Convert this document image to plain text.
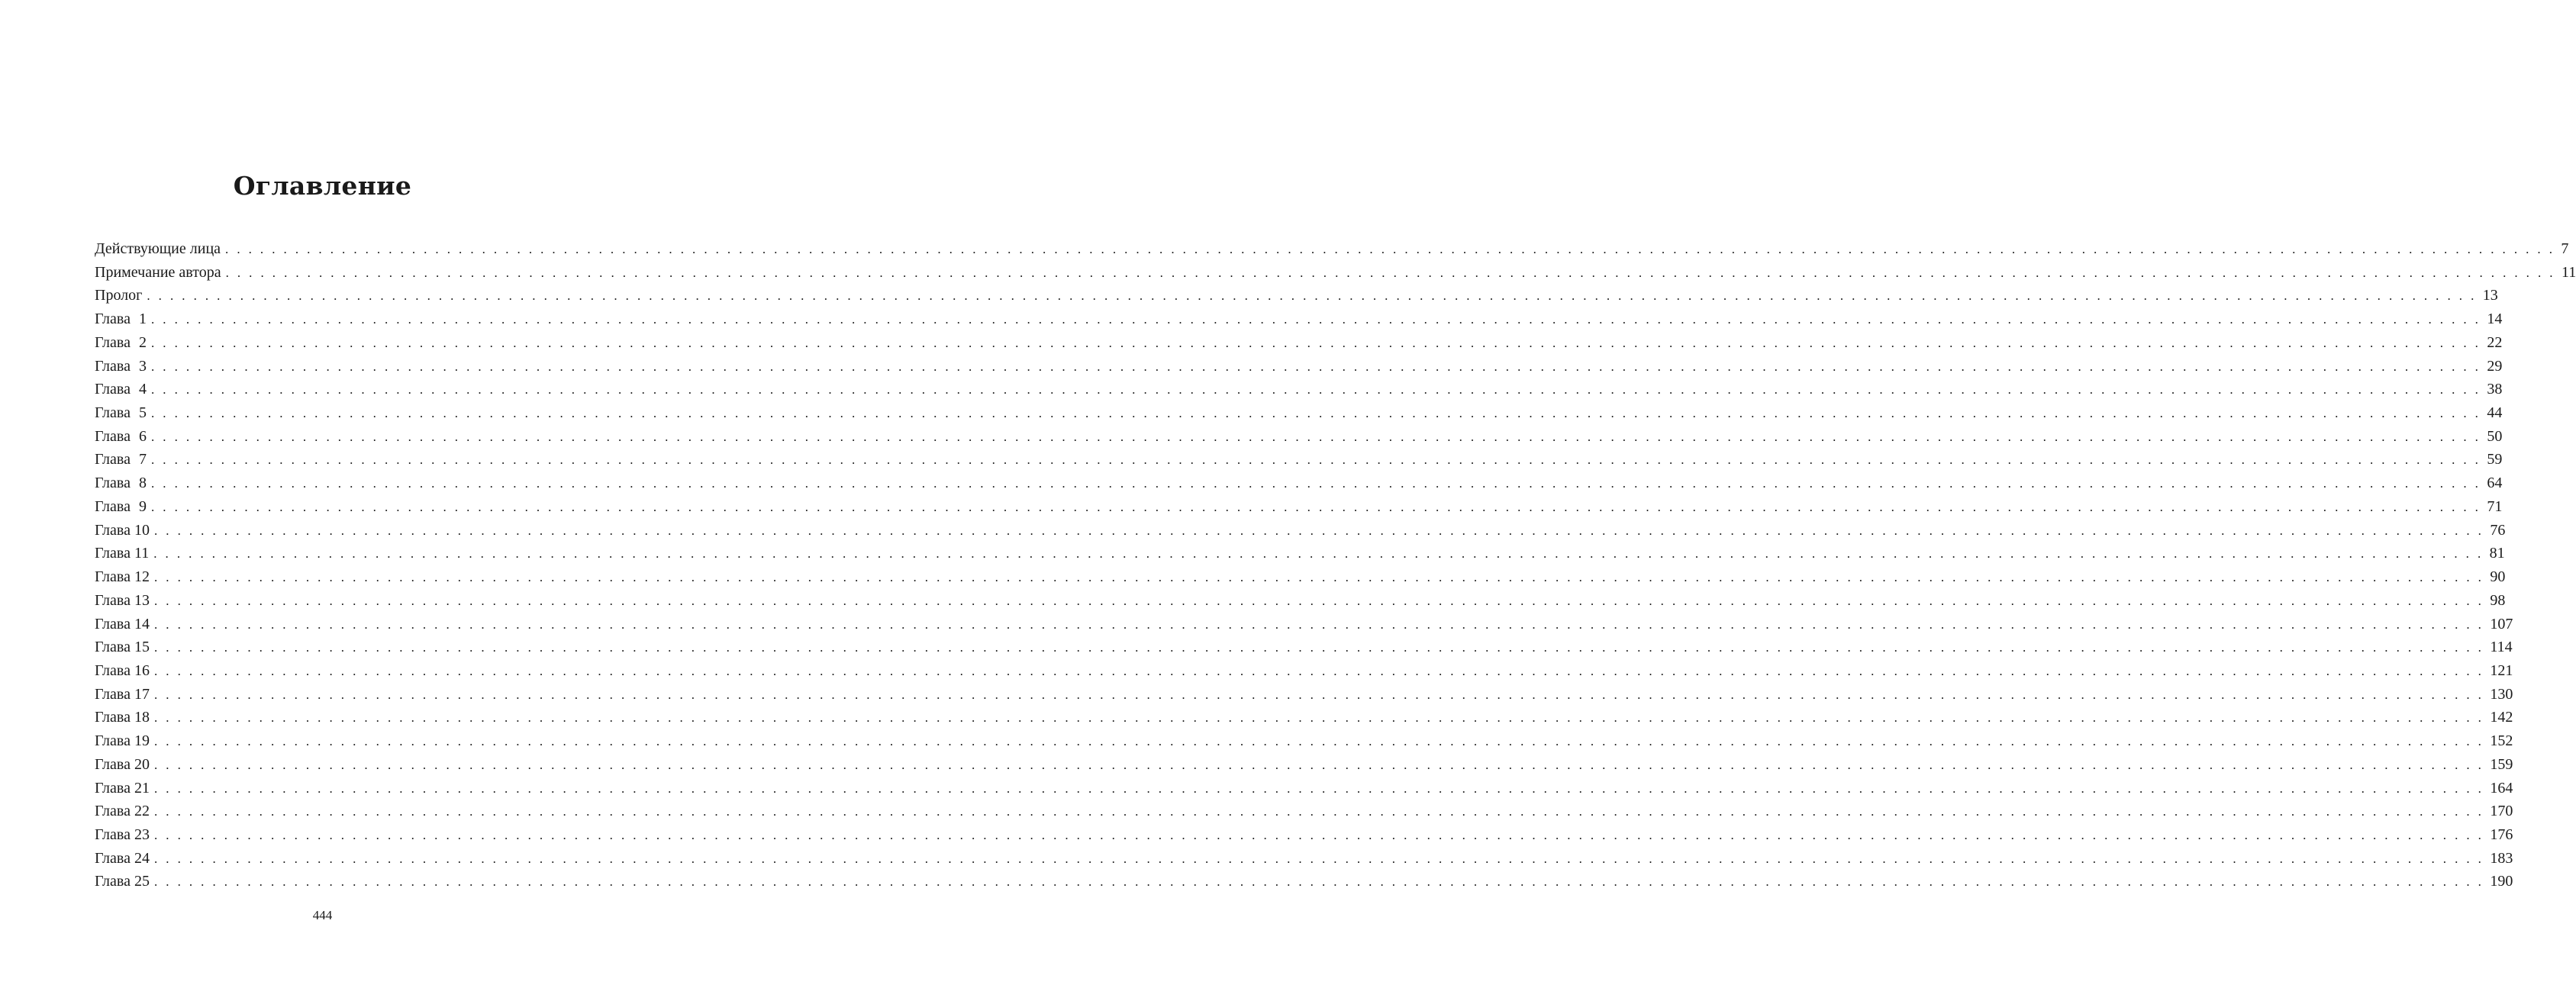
Оглавление
Действующие лица . . . . . . . . . . . . . . . . . . . . . . . . . . . . . . . . . . . . . . . . . . . . . . . . . . . . . . . . . . . . . . . . . . . . . . . . . . . . . . . . . . . . . . . . . . . . . . . . . . . . . . . . . . . . . . . . . . . . . . . . . . . . . . . . . . . . . . . . . . . . . . . . . . . . . . . . . . . . . . . . . . . . . . . . . . . . . . . . . . . . . . . . . . . . . . . . . . . . . . . . 7
Примечание автора . . . . . . . . . . . . . . . . . . . . . . . . . . . . . . . . . . . . . . . . . . . . . . . . . . . . . . . . . . . . . . . . . . . . . . . . . . . . . . . . . . . . . . . . . . . . . . . . . . . . . . . . . . . . . . . . . . . . . . . . . . . . . . . . . . . . . . . . . . . . . . . . . . . . . . . . . . . . . . . . . . . . . . . . . . . . . . . . . . . . . . . . . . . . . . . . . . . . . . . . 11
Пролог . . . . . . . . . . . . . . . . . . . . . . . . . . . . . . . . . . . . . . . . . . . . . . . . . . . . . . . . . . . . . . . . . . . . . . . . . . . . . . . . . . . . . . . . . . . . . . . . . . . . . . . . . . . . . . . . . . . . . . . . . . . . . . . . . . . . . . . . . . . . . . . . . . . . . . . . . . . . . . . . . . . . . . . . . . . . . . . . . . . . . . . . . . . . . . . . . . . . . . . . 13
Глава 1 . . . . . . . . . . . . . . . . . . . . . . . . . . . . . . . . . . . . . . . . . . . . . . . . . . . . . . . . . . . . . . . . . . . . . . . . . . . . . . . . . . . . . . . . . . . . . . . . . . . . . . . . . . . . . . . . . . . . . . . . . . . . . . . . . . . . . . . . . . . . . . . . . . . . . . . . . . . . . . . . . . . . . . . . . . . . . . . . . . . . . . . . . . . . . . . . . . . . . . . . 14
Глава 2 . . . . . . . . . . . . . . . . . . . . . . . . . . . . . . . . . . . . . . . . . . . . . . . . . . . . . . . . . . . . . . . . . . . . . . . . . . . . . . . . . . . . . . . . . . . . . . . . . . . . . . . . . . . . . . . . . . . . . . . . . . . . . . . . . . . . . . . . . . . . . . . . . . . . . . . . . . . . . . . . . . . . . . . . . . . . . . . . . . . . . . . . . . . . . . . . . . . . . . . . 22
Глава 3 . . . . . . . . . . . . . . . . . . . . . . . . . . . . . . . . . . . . . . . . . . . . . . . . . . . . . . . . . . . . . . . . . . . . . . . . . . . . . . . . . . . . . . . . . . . . . . . . . . . . . . . . . . . . . . . . . . . . . . . . . . . . . . . . . . . . . . . . . . . . . . . . . . . . . . . . . . . . . . . . . . . . . . . . . . . . . . . . . . . . . . . . . . . . . . . . . . . . . . . . 29
Глава 4 . . . . . . . . . . . . . . . . . . . . . . . . . . . . . . . . . . . . . . . . . . . . . . . . . . . . . . . . . . . . . . . . . . . . . . . . . . . . . . . . . . . . . . . . . . . . . . . . . . . . . . . . . . . . . . . . . . . . . . . . . . . . . . . . . . . . . . . . . . . . . . . . . . . . . . . . . . . . . . . . . . . . . . . . . . . . . . . . . . . . . . . . . . . . . . . . . . . . . . . . 38
Глава 5 . . . . . . . . . . . . . . . . . . . . . . . . . . . . . . . . . . . . . . . . . . . . . . . . . . . . . . . . . . . . . . . . . . . . . . . . . . . . . . . . . . . . . . . . . . . . . . . . . . . . . . . . . . . . . . . . . . . . . . . . . . . . . . . . . . . . . . . . . . . . . . . . . . . . . . . . . . . . . . . . . . . . . . . . . . . . . . . . . . . . . . . . . . . . . . . . . . . . . . . . 44
Глава 6 . . . . . . . . . . . . . . . . . . . . . . . . . . . . . . . . . . . . . . . . . . . . . . . . . . . . . . . . . . . . . . . . . . . . . . . . . . . . . . . . . . . . . . . . . . . . . . . . . . . . . . . . . . . . . . . . . . . . . . . . . . . . . . . . . . . . . . . . . . . . . . . . . . . . . . . . . . . . . . . . . . . . . . . . . . . . . . . . . . . . . . . . . . . . . . . . . . . . . . . . 50
Глава 7 . . . . . . . . . . . . . . . . . . . . . . . . . . . . . . . . . . . . . . . . . . . . . . . . . . . . . . . . . . . . . . . . . . . . . . . . . . . . . . . . . . . . . . . . . . . . . . . . . . . . . . . . . . . . . . . . . . . . . . . . . . . . . . . . . . . . . . . . . . . . . . . . . . . . . . . . . . . . . . . . . . . . . . . . . . . . . . . . . . . . . . . . . . . . . . . . . . . . . . . . 59
Глава 8 . . . . . . . . . . . . . . . . . . . . . . . . . . . . . . . . . . . . . . . . . . . . . . . . . . . . . . . . . . . . . . . . . . . . . . . . . . . . . . . . . . . . . . . . . . . . . . . . . . . . . . . . . . . . . . . . . . . . . . . . . . . . . . . . . . . . . . . . . . . . . . . . . . . . . . . . . . . . . . . . . . . . . . . . . . . . . . . . . . . . . . . . . . . . . . . . . . . . . . . . 64
Глава 9 . . . . . . . . . . . . . . . . . . . . . . . . . . . . . . . . . . . . . . . . . . . . . . . . . . . . . . . . . . . . . . . . . . . . . . . . . . . . . . . . . . . . . . . . . . . . . . . . . . . . . . . . . . . . . . . . . . . . . . . . . . . . . . . . . . . . . . . . . . . . . . . . . . . . . . . . . . . . . . . . . . . . . . . . . . . . . . . . . . . . . . . . . . . . . . . . . . . . . . . . 71
Глава 10 . . . . . . . . . . . . . . . . . . . . . . . . . . . . . . . . . . . . . . . . . . . . . . . . . . . . . . . . . . . . . . . . . . . . . . . . . . . . . . . . . . . . . . . . . . . . . . . . . . . . . . . . . . . . . . . . . . . . . . . . . . . . . . . . . . . . . . . . . . . . . . . . . . . . . . . . . . . . . . . . . . . . . . . . . . . . . . . . . . . . . . . . . . . . . . . . . . . . . . . . 76
Глава 11 . . . . . . . . . . . . . . . . . . . . . . . . . . . . . . . . . . . . . . . . . . . . . . . . . . . . . . . . . . . . . . . . . . . . . . . . . . . . . . . . . . . . . . . . . . . . . . . . . . . . . . . . . . . . . . . . . . . . . . . . . . . . . . . . . . . . . . . . . . . . . . . . . . . . . . . . . . . . . . . . . . . . . . . . . . . . . . . . . . . . . . . . . . . . . . . . . . . . . . . . 81
Глава 12 . . . . . . . . . . . . . . . . . . . . . . . . . . . . . . . . . . . . . . . . . . . . . . . . . . . . . . . . . . . . . . . . . . . . . . . . . . . . . . . . . . . . . . . . . . . . . . . . . . . . . . . . . . . . . . . . . . . . . . . . . . . . . . . . . . . . . . . . . . . . . . . . . . . . . . . . . . . . . . . . . . . . . . . . . . . . . . . . . . . . . . . . . . . . . . . . . . . . . . . . 90
Глава 13 . . . . . . . . . . . . . . . . . . . . . . . . . . . . . . . . . . . . . . . . . . . . . . . . . . . . . . . . . . . . . . . . . . . . . . . . . . . . . . . . . . . . . . . . . . . . . . . . . . . . . . . . . . . . . . . . . . . . . . . . . . . . . . . . . . . . . . . . . . . . . . . . . . . . . . . . . . . . . . . . . . . . . . . . . . . . . . . . . . . . . . . . . . . . . . . . . . . . . . . . 98
Глава 14 . . . . . . . . . . . . . . . . . . . . . . . . . . . . . . . . . . . . . . . . . . . . . . . . . . . . . . . . . . . . . . . . . . . . . . . . . . . . . . . . . . . . . . . . . . . . . . . . . . . . . . . . . . . . . . . . . . . . . . . . . . . . . . . . . . . . . . . . . . . . . . . . . . . . . . . . . . . . . . . . . . . . . . . . . . . . . . . . . . . . . . . . . . . . . . . . . . . . . . . . 107
Глава 15 . . . . . . . . . . . . . . . . . . . . . . . . . . . . . . . . . . . . . . . . . . . . . . . . . . . . . . . . . . . . . . . . . . . . . . . . . . . . . . . . . . . . . . . . . . . . . . . . . . . . . . . . . . . . . . . . . . . . . . . . . . . . . . . . . . . . . . . . . . . . . . . . . . . . . . . . . . . . . . . . . . . . . . . . . . . . . . . . . . . . . . . . . . . . . . . . . . . . . . . . 114
Глава 16 . . . . . . . . . . . . . . . . . . . . . . . . . . . . . . . . . . . . . . . . . . . . . . . . . . . . . . . . . . . . . . . . . . . . . . . . . . . . . . . . . . . . . . . . . . . . . . . . . . . . . . . . . . . . . . . . . . . . . . . . . . . . . . . . . . . . . . . . . . . . . . . . . . . . . . . . . . . . . . . . . . . . . . . . . . . . . . . . . . . . . . . . . . . . . . . . . . . . . . . . 121
Глава 17 . . . . . . . . . . . . . . . . . . . . . . . . . . . . . . . . . . . . . . . . . . . . . . . . . . . . . . . . . . . . . . . . . . . . . . . . . . . . . . . . . . . . . . . . . . . . . . . . . . . . . . . . . . . . . . . . . . . . . . . . . . . . . . . . . . . . . . . . . . . . . . . . . . . . . . . . . . . . . . . . . . . . . . . . . . . . . . . . . . . . . . . . . . . . . . . . . . . . . . . . 130
Глава 18 . . . . . . . . . . . . . . . . . . . . . . . . . . . . . . . . . . . . . . . . . . . . . . . . . . . . . . . . . . . . . . . . . . . . . . . . . . . . . . . . . . . . . . . . . . . . . . . . . . . . . . . . . . . . . . . . . . . . . . . . . . . . . . . . . . . . . . . . . . . . . . . . . . . . . . . . . . . . . . . . . . . . . . . . . . . . . . . . . . . . . . . . . . . . . . . . . . . . . . . . 142
Глава 19 . . . . . . . . . . . . . . . . . . . . . . . . . . . . . . . . . . . . . . . . . . . . . . . . . . . . . . . . . . . . . . . . . . . . . . . . . . . . . . . . . . . . . . . . . . . . . . . . . . . . . . . . . . . . . . . . . . . . . . . . . . . . . . . . . . . . . . . . . . . . . . . . . . . . . . . . . . . . . . . . . . . . . . . . . . . . . . . . . . . . . . . . . . . . . . . . . . . . . . . . 152
Глава 20 . . . . . . . . . . . . . . . . . . . . . . . . . . . . . . . . . . . . . . . . . . . . . . . . . . . . . . . . . . . . . . . . . . . . . . . . . . . . . . . . . . . . . . . . . . . . . . . . . . . . . . . . . . . . . . . . . . . . . . . . . . . . . . . . . . . . . . . . . . . . . . . . . . . . . . . . . . . . . . . . . . . . . . . . . . . . . . . . . . . . . . . . . . . . . . . . . . . . . . . . 159
Глава 21 . . . . . . . . . . . . . . . . . . . . . . . . . . . . . . . . . . . . . . . . . . . . . . . . . . . . . . . . . . . . . . . . . . . . . . . . . . . . . . . . . . . . . . . . . . . . . . . . . . . . . . . . . . . . . . . . . . . . . . . . . . . . . . . . . . . . . . . . . . . . . . . . . . . . . . . . . . . . . . . . . . . . . . . . . . . . . . . . . . . . . . . . . . . . . . . . . . . . . . . . 164
Глава 22 . . . . . . . . . . . . . . . . . . . . . . . . . . . . . . . . . . . . . . . . . . . . . . . . . . . . . . . . . . . . . . . . . . . . . . . . . . . . . . . . . . . . . . . . . . . . . . . . . . . . . . . . . . . . . . . . . . . . . . . . . . . . . . . . . . . . . . . . . . . . . . . . . . . . . . . . . . . . . . . . . . . . . . . . . . . . . . . . . . . . . . . . . . . . . . . . . . . . . . . . 170
Глава 23 . . . . . . . . . . . . . . . . . . . . . . . . . . . . . . . . . . . . . . . . . . . . . . . . . . . . . . . . . . . . . . . . . . . . . . . . . . . . . . . . . . . . . . . . . . . . . . . . . . . . . . . . . . . . . . . . . . . . . . . . . . . . . . . . . . . . . . . . . . . . . . . . . . . . . . . . . . . . . . . . . . . . . . . . . . . . . . . . . . . . . . . . . . . . . . . . . . . . . . . . 176
Глава 24 . . . . . . . . . . . . . . . . . . . . . . . . . . . . . . . . . . . . . . . . . . . . . . . . . . . . . . . . . . . . . . . . . . . . . . . . . . . . . . . . . . . . . . . . . . . . . . . . . . . . . . . . . . . . . . . . . . . . . . . . . . . . . . . . . . . . . . . . . . . . . . . . . . . . . . . . . . . . . . . . . . . . . . . . . . . . . . . . . . . . . . . . . . . . . . . . . . . . . . . . 183
Глава 25 . . . . . . . . . . . . . . . . . . . . . . . . . . . . . . . . . . . . . . . . . . . . . . . . . . . . . . . . . . . . . . . . . . . . . . . . . . . . . . . . . . . . . . . . . . . . . . . . . . . . . . . . . . . . . . . . . . . . . . . . . . . . . . . . . . . . . . . . . . . . . . . . . . . . . . . . . . . . . . . . . . . . . . . . . . . . . . . . . . . . . . . . . . . . . . . . . . . . . . . . 190
444
